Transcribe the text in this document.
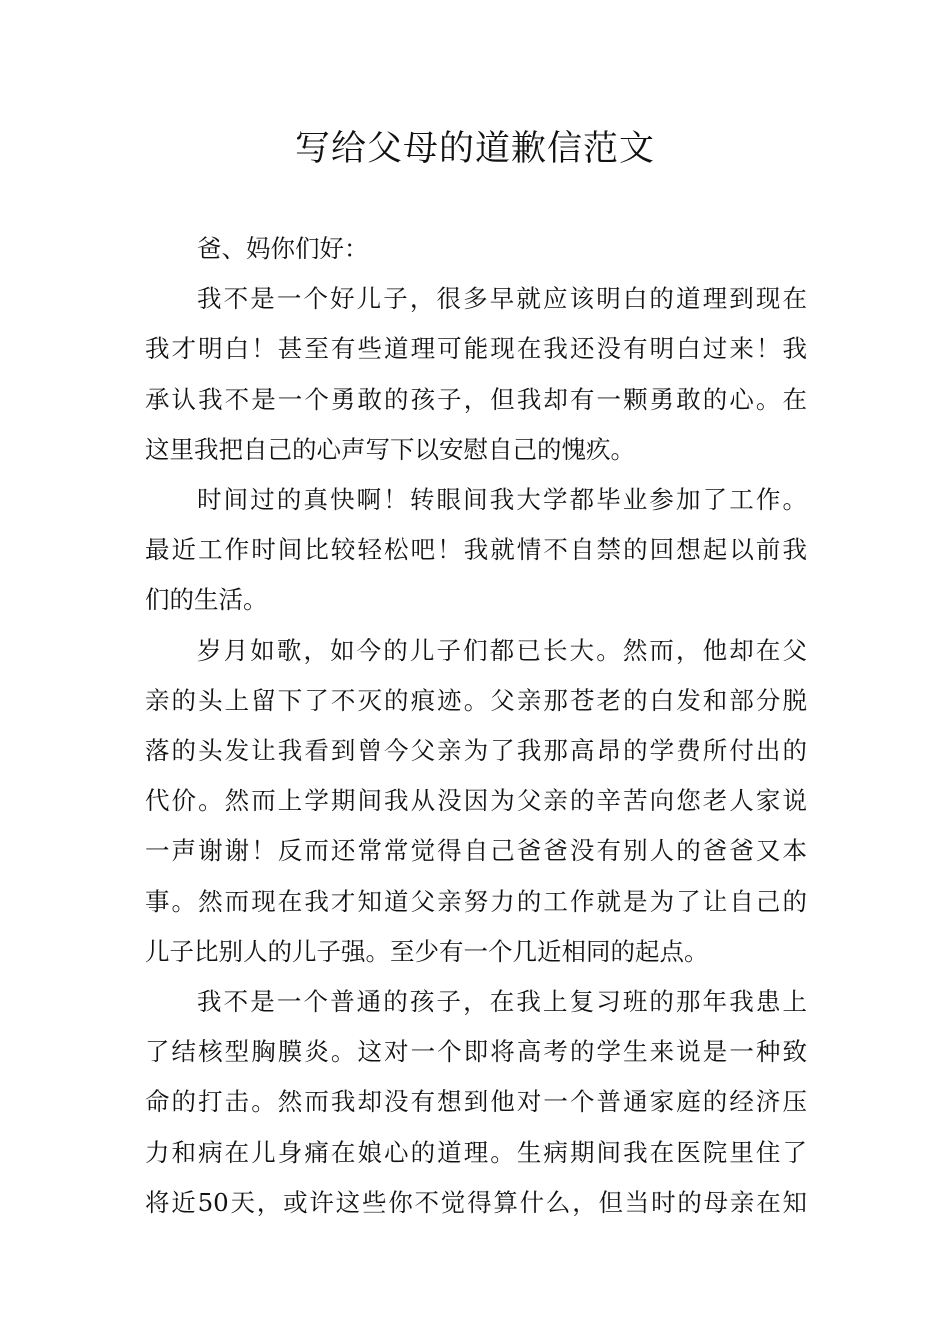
写给父母的道歉信范文

爸、妈你们好：

我不是一个好儿子，很多早就应该明白的道理到现在
我才明白！甚至有些道理可能现在我还没有明白过来！我
承认我不是一个勇敢的孩子，但我却有一颗勇敢的心。在
这里我把自己的心声写下以安慰自己的愧疚。

时间过的真快啊！转眼间我大学都毕业参加了工作。
最近工作时间比较轻松吧！我就情不自禁的回想起以前我
们的生活。

岁月如歌，如今的儿子们都已长大。然而，他却在父
亲的头上留下了不灭的痕迹。父亲那苍老的白发和部分脱
落的头发让我看到曾今父亲为了我那高昂的学费所付出的
代价。然而上学期间我从没因为父亲的辛苦向您老人家说
一声谢谢！反而还常常觉得自己爸爸没有别人的爸爸又本
事。然而现在我才知道父亲努力的工作就是为了让自己的
儿子比别人的儿子强。至少有一个几近相同的起点。

我不是一个普通的孩子，在我上复习班的那年我患上
了结核型胸膜炎。这对一个即将高考的学生来说是一种致
命的打击。然而我却没有想到他对一个普通家庭的经济压
力和病在儿身痛在娘心的道理。生病期间我在医院里住了
将近50天，或许这些你不觉得算什么，但当时的母亲在知
